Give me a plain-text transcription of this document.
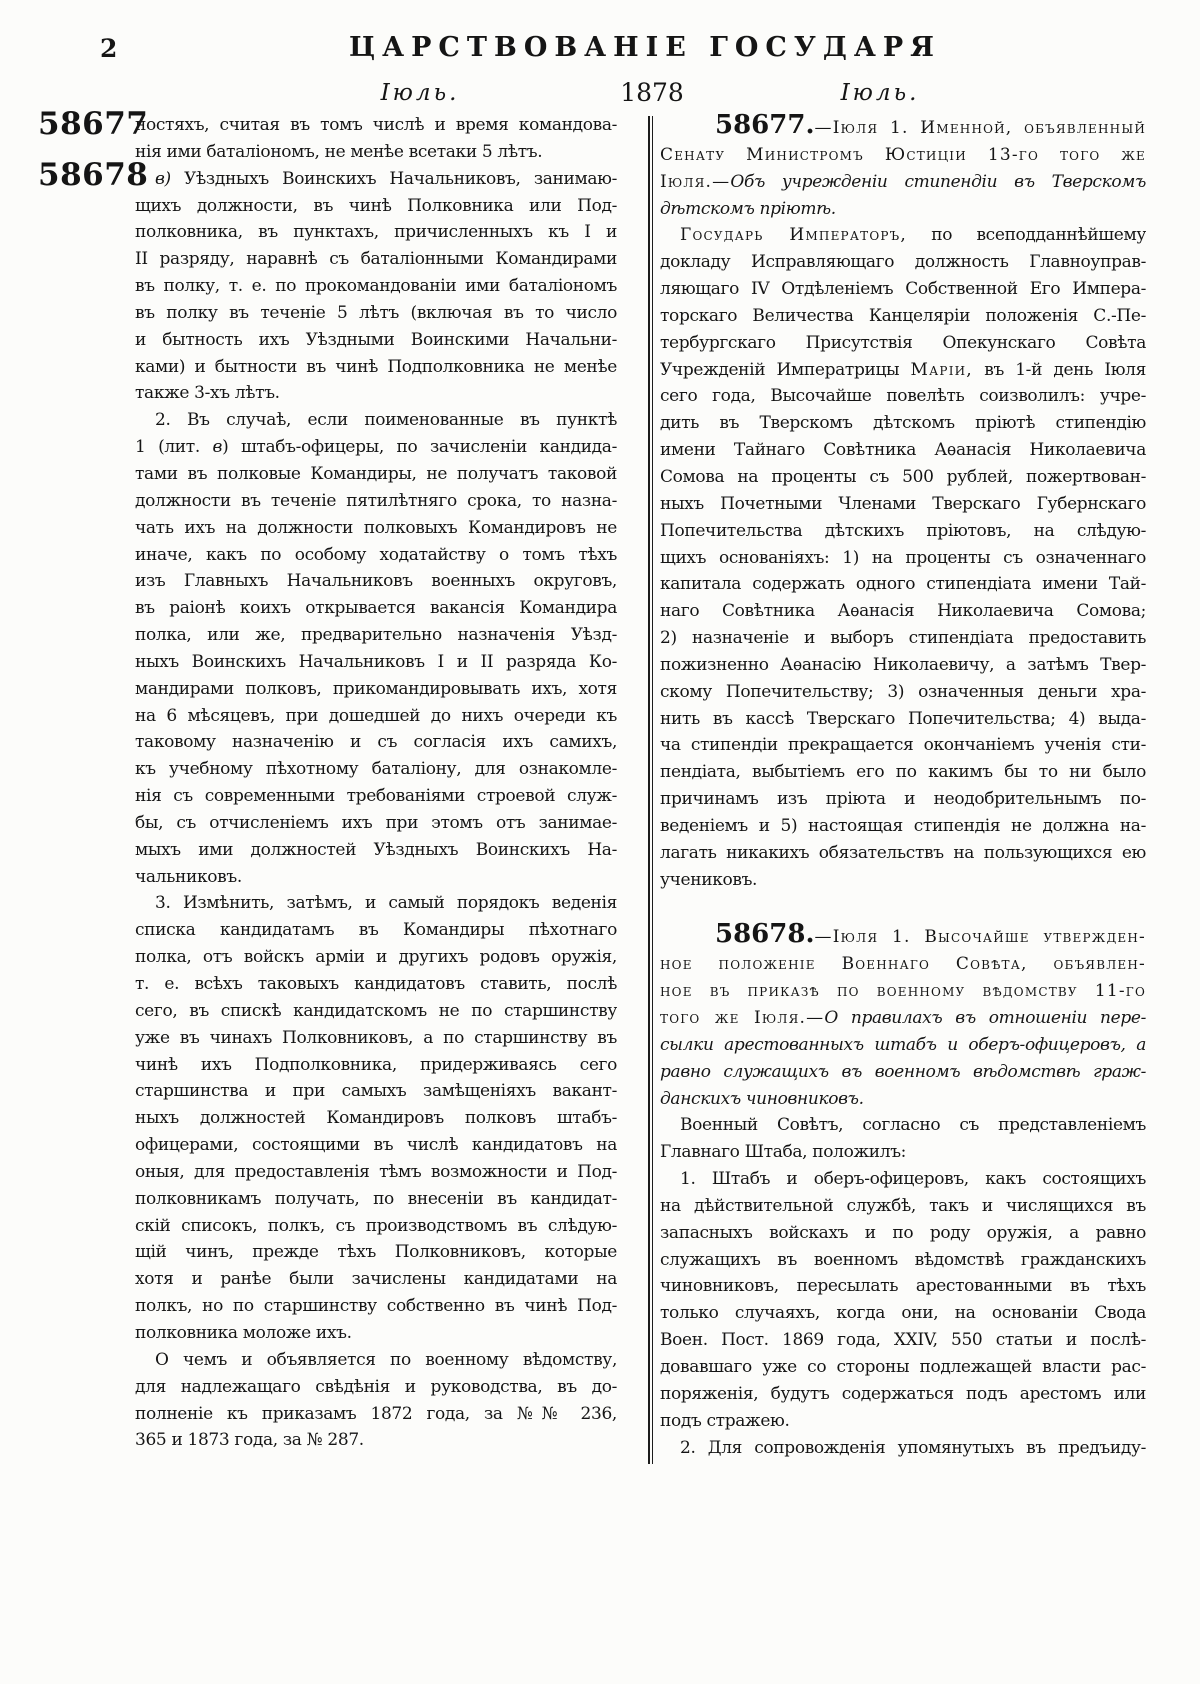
2	ЦАРСТВОВАНІЕ ГОСУДАРЯ
Іюль.	1878	Іюль.
58677
58678
ностяхъ, считая въ томъ числѣ и время командова-
нія ими баталіономъ, не менѣе всетаки 5 лѣтъ.
в) Уѣздныхъ Воинскихъ Начальниковъ, занимаю-
щихъ должности, въ чинѣ Полковника или Под-
полковника, въ пунктахъ, причисленныхъ къ I и
II разряду, наравнѣ съ баталіонными Командирами
въ полку, т. е. по прокомандованіи ими баталіономъ
въ полку въ теченіе 5 лѣтъ (включая въ то число
и бытность ихъ Уѣздными Воинскими Начальни-
ками) и бытности въ чинѣ Подполковника не менѣе
также 3-хъ лѣтъ.
2. Въ случаѣ, если поименованные въ пунктѣ
1 (лит. в) штабъ-офицеры, по зачисленіи кандида-
тами въ полковые Командиры, не получатъ таковой
должности въ теченіе пятилѣтняго срока, то назна-
чать ихъ на должности полковыхъ Командировъ не
иначе, какъ по особому ходатайству о томъ тѣхъ
изъ Главныхъ Начальниковъ военныхъ округовъ,
въ раіонѣ коихъ открывается вакансія Командира
полка, или же, предварительно назначенія Уѣзд-
ныхъ Воинскихъ Начальниковъ I и II разряда Ко-
мандирами полковъ, прикомандировывать ихъ, хотя
на 6 мѣсяцевъ, при дошедшей до нихъ очереди къ
таковому назначенію и съ согласія ихъ самихъ,
къ учебному пѣхотному баталіону, для ознакомле-
нія съ современными требованіями строевой служ-
бы, съ отчисленіемъ ихъ при этомъ отъ занимае-
мыхъ ими должностей Уѣздныхъ Воинскихъ На-
чальниковъ.
3. Измѣнить, затѣмъ, и самый порядокъ веденія
списка кандидатамъ въ Командиры пѣхотнаго
полка, отъ войскъ арміи и другихъ родовъ оружія,
т. е. всѣхъ таковыхъ кандидатовъ ставить, послѣ
сего, въ спискѣ кандидатскомъ не по старшинству
уже въ чинахъ Полковниковъ, а по старшинству въ
чинѣ ихъ Подполковника, придерживаясь сего
старшинства и при самыхъ замѣщеніяхъ вакант-
ныхъ должностей Командировъ полковъ штабъ-
офицерами, состоящими въ числѣ кандидатовъ на
оныя, для предоставленія тѣмъ возможности и Под-
полковникамъ получать, по внесеніи въ кандидат-
скій списокъ, полкъ, съ производствомъ въ слѣдую-
щій чинъ, прежде тѣхъ Полковниковъ, которые
хотя и ранѣе были зачислены кандидатами на
полкъ, но по старшинству собственно въ чинѣ Под-
полковника моложе ихъ.
О чемъ и объявляется по военному вѣдомству,
для надлежащаго свѣдѣнія и руководства, въ до-
полненіе къ приказамъ 1872 года, за №№ 236,
365 и 1873 года, за № 287.
58677.—Іюля 1. Именной, объявленный
Сенату Министромъ Юстиціи 13-го того же
Іюля.—Объ учрежденіи стипендіи въ Тверскомъ
дѣтскомъ пріютѣ.
Государь Императоръ, по всеподданнѣйшему
докладу Исправляющаго должность Главноуправ-
ляющаго IV Отдѣленіемъ Собственной Его Импера-
торскаго Величества Канцеляріи положенія С.-Пе-
тербургскаго Присутствія Опекунскаго Совѣта
Учрежденій Императрицы Маріи, въ 1-й день Іюля
сего года, Высочайше повелѣть соизволилъ: учре-
дить въ Тверскомъ дѣтскомъ пріютѣ стипендію
имени Тайнаго Совѣтника Аѳанасія Николаевича
Сомова на проценты съ 500 рублей, пожертвован-
ныхъ Почетными Членами Тверскаго Губернскаго
Попечительства дѣтскихъ пріютовъ, на слѣдую-
щихъ основаніяхъ: 1) на проценты съ означеннаго
капитала содержать одного стипендіата имени Тай-
наго Совѣтника Аѳанасія Николаевича Сомова;
2) назначеніе и выборъ стипендіата предоставить
пожизненно Аѳанасію Николаевичу, а затѣмъ Твер-
скому Попечительству; 3) означенныя деньги хра-
нить въ кассѣ Тверскаго Попечительства; 4) выда-
ча стипендіи прекращается окончаніемъ ученія сти-
пендіата, выбытіемъ его по какимъ бы то ни было
причинамъ изъ пріюта и неодобрительнымъ по-
веденіемъ и 5) настоящая стипендія не должна на-
лагать никакихъ обязательствъ на пользующихся ею
учениковъ.
58678.—Іюля 1. Высочайше утвержден-
ное положеніе Военнаго Совѣта, объявлен-
ное въ приказѣ по военному вѣдомству 11-го
того же Іюля.—О правилахъ въ отношеніи пере-
сылки арестованныхъ штабъ и оберъ-офицеровъ, а
равно служащихъ въ военномъ вѣдомствѣ граж-
данскихъ чиновниковъ.
Военный Совѣтъ, согласно съ представленіемъ
Главнаго Штаба, положилъ:
1. Штабъ и оберъ-офицеровъ, какъ состоящихъ
на дѣйствительной службѣ, такъ и числящихся въ
запасныхъ войскахъ и по роду оружія, а равно
служащихъ въ военномъ вѣдомствѣ гражданскихъ
чиновниковъ, пересылать арестованными въ тѣхъ
только случаяхъ, когда они, на основаніи Свода
Воен. Пост. 1869 года, XXIV, 550 статьи и послѣ-
довавшаго уже со стороны подлежащей власти рас-
поряженія, будутъ содержаться подъ арестомъ или
подъ стражею.
2. Для сопровожденія упомянутыхъ въ предъиду-
